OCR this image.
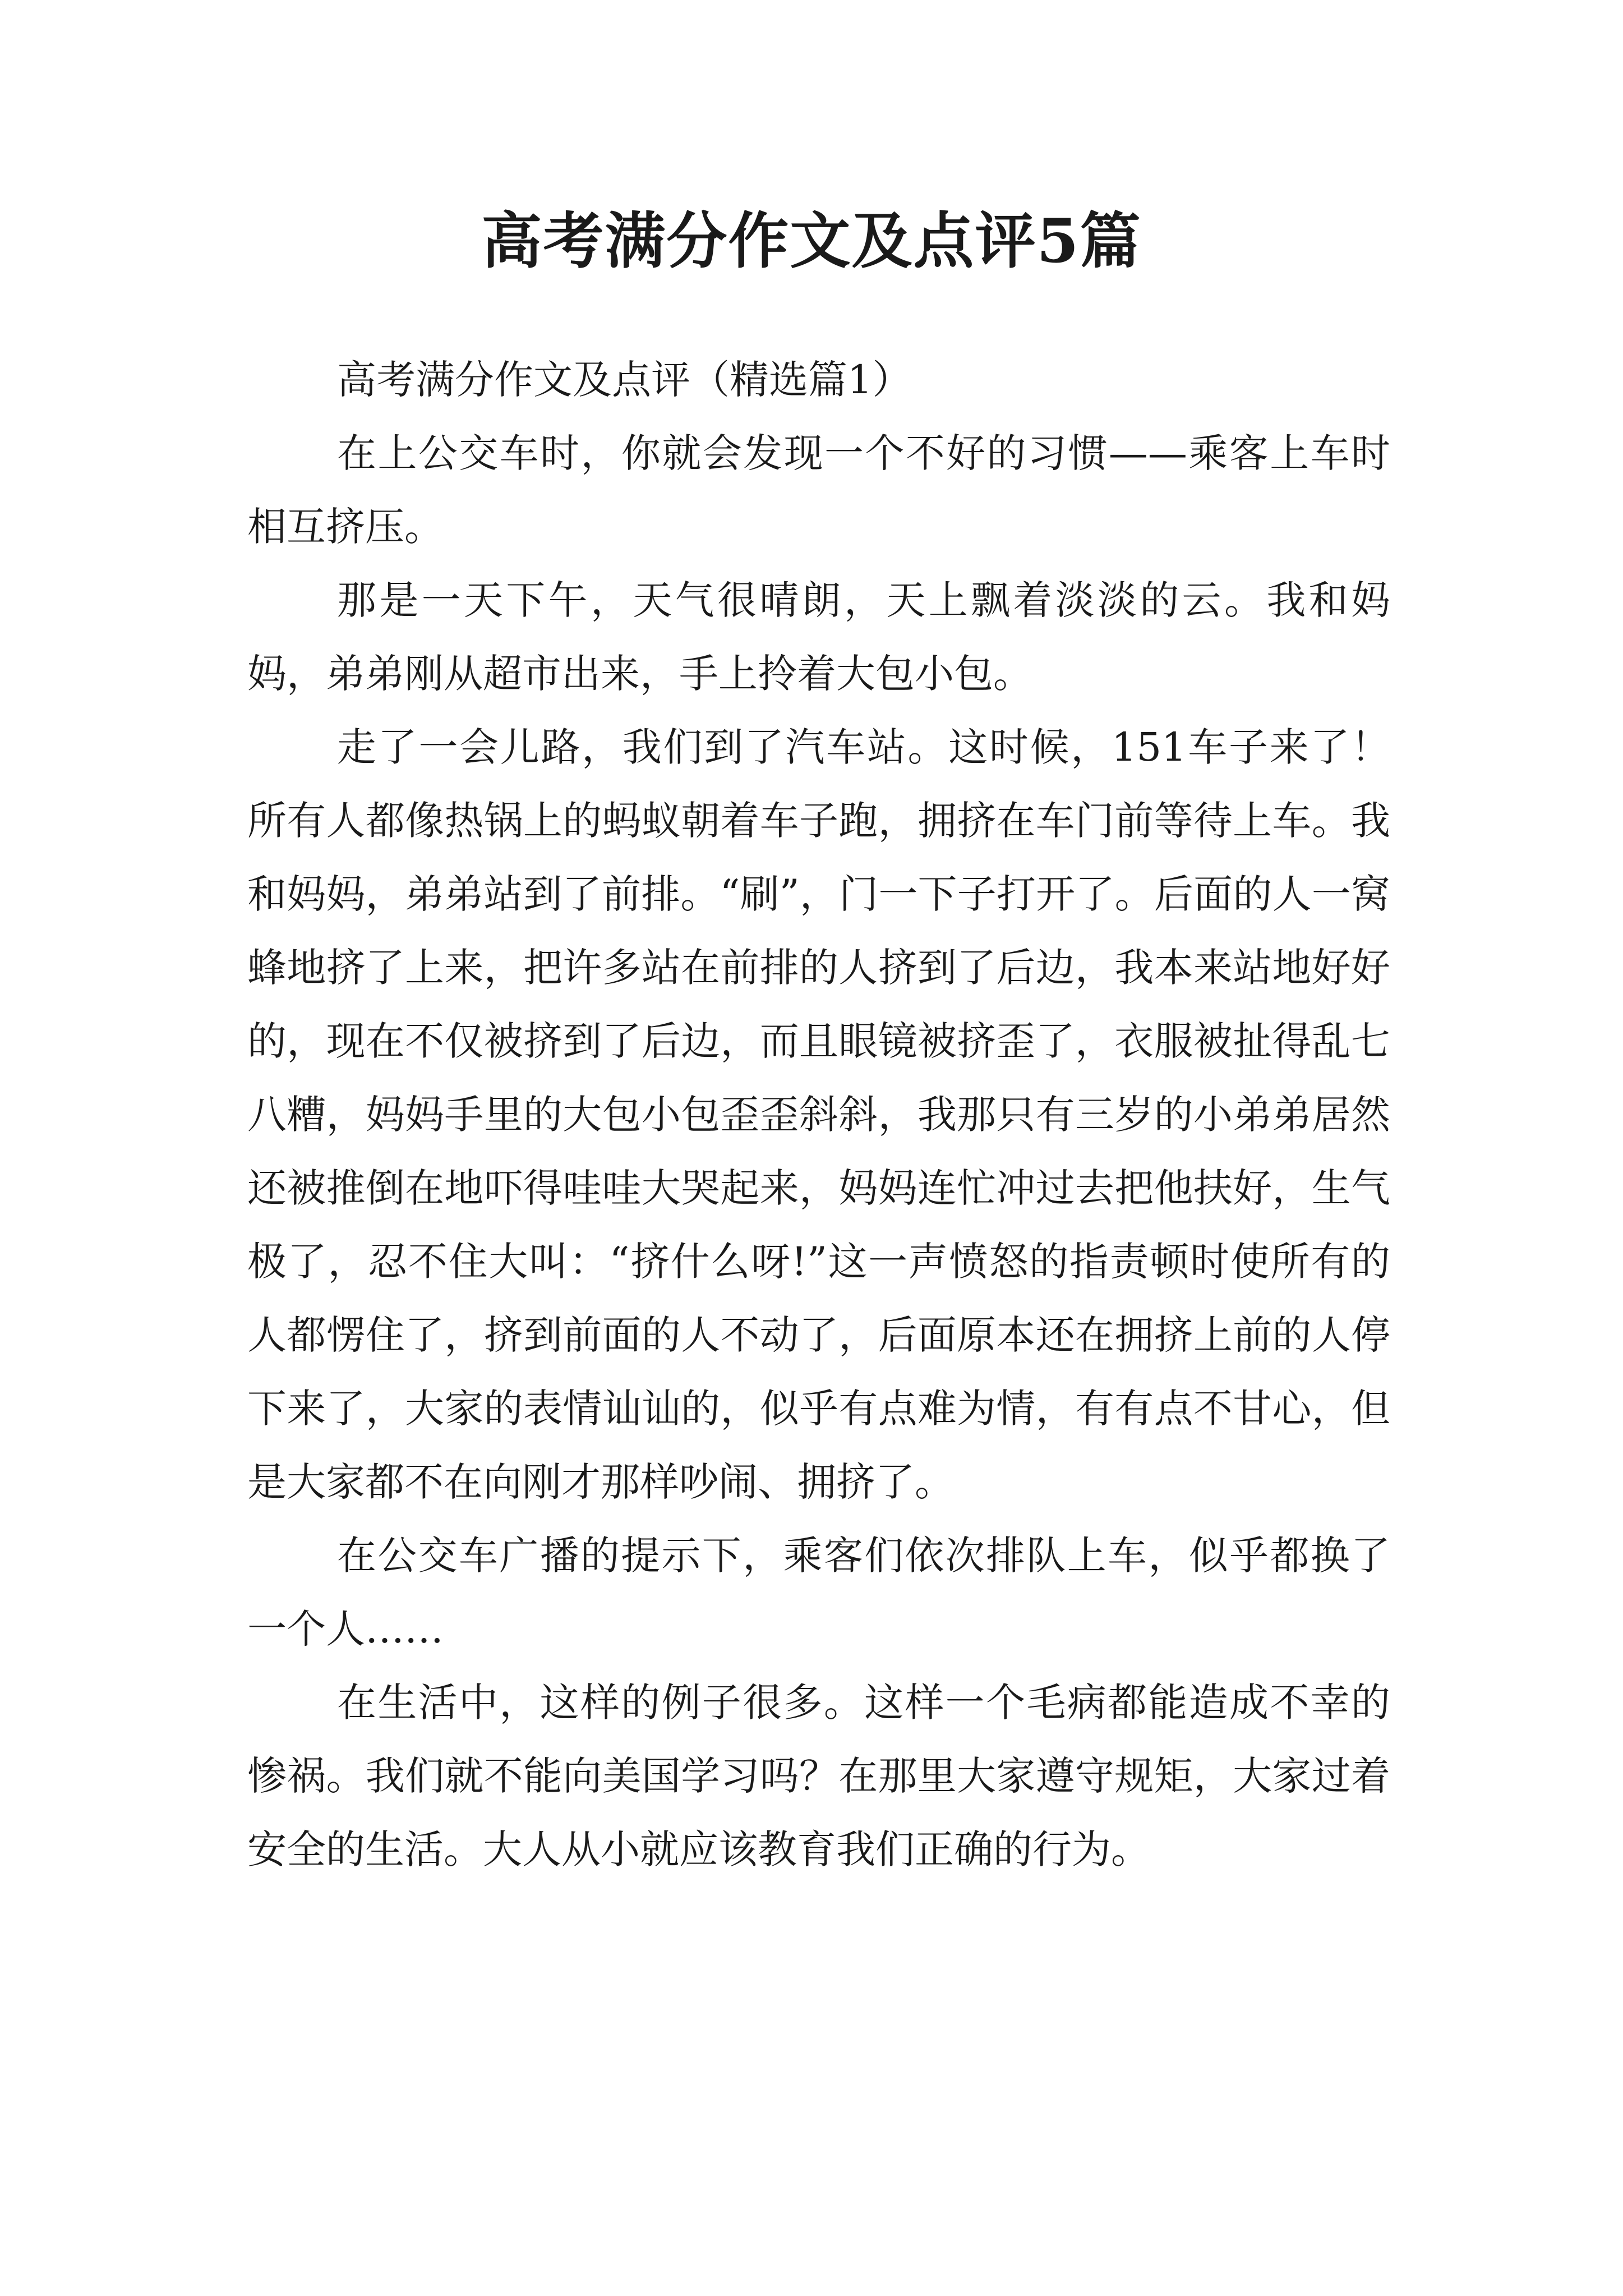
高考满分作文及点评5篇

高考满分作文及点评（精选篇1）

在上公交车时，你就会发现一个不好的习惯——乘客上车时相互挤压。

那是一天下午，天气很晴朗，天上飘着淡淡的云。我和妈妈，弟弟刚从超市出来，手上拎着大包小包。

走了一会儿路，我们到了汽车站。这时候，151车子来了！所有人都像热锅上的蚂蚁朝着车子跑，拥挤在车门前等待上车。我和妈妈，弟弟站到了前排。“刷”，门一下子打开了。后面的人一窝蜂地挤了上来，把许多站在前排的人挤到了后边，我本来站地好好的，现在不仅被挤到了后边，而且眼镜被挤歪了，衣服被扯得乱七八糟，妈妈手里的大包小包歪歪斜斜，我那只有三岁的小弟弟居然还被推倒在地吓得哇哇大哭起来，妈妈连忙冲过去把他扶好，生气极了，忍不住大叫：“挤什么呀!”这一声愤怒的指责顿时使所有的人都愣住了，挤到前面的人不动了，后面原本还在拥挤上前的人停下来了，大家的表情讪讪的，似乎有点难为情，有有点不甘心，但是大家都不在向刚才那样吵闹、拥挤了。

在公交车广播的提示下，乘客们依次排队上车，似乎都换了一个人……

在生活中，这样的例子很多。这样一个毛病都能造成不幸的惨祸。我们就不能向美国学习吗？在那里大家遵守规矩，大家过着安全的生活。大人从小就应该教育我们正确的行为。
